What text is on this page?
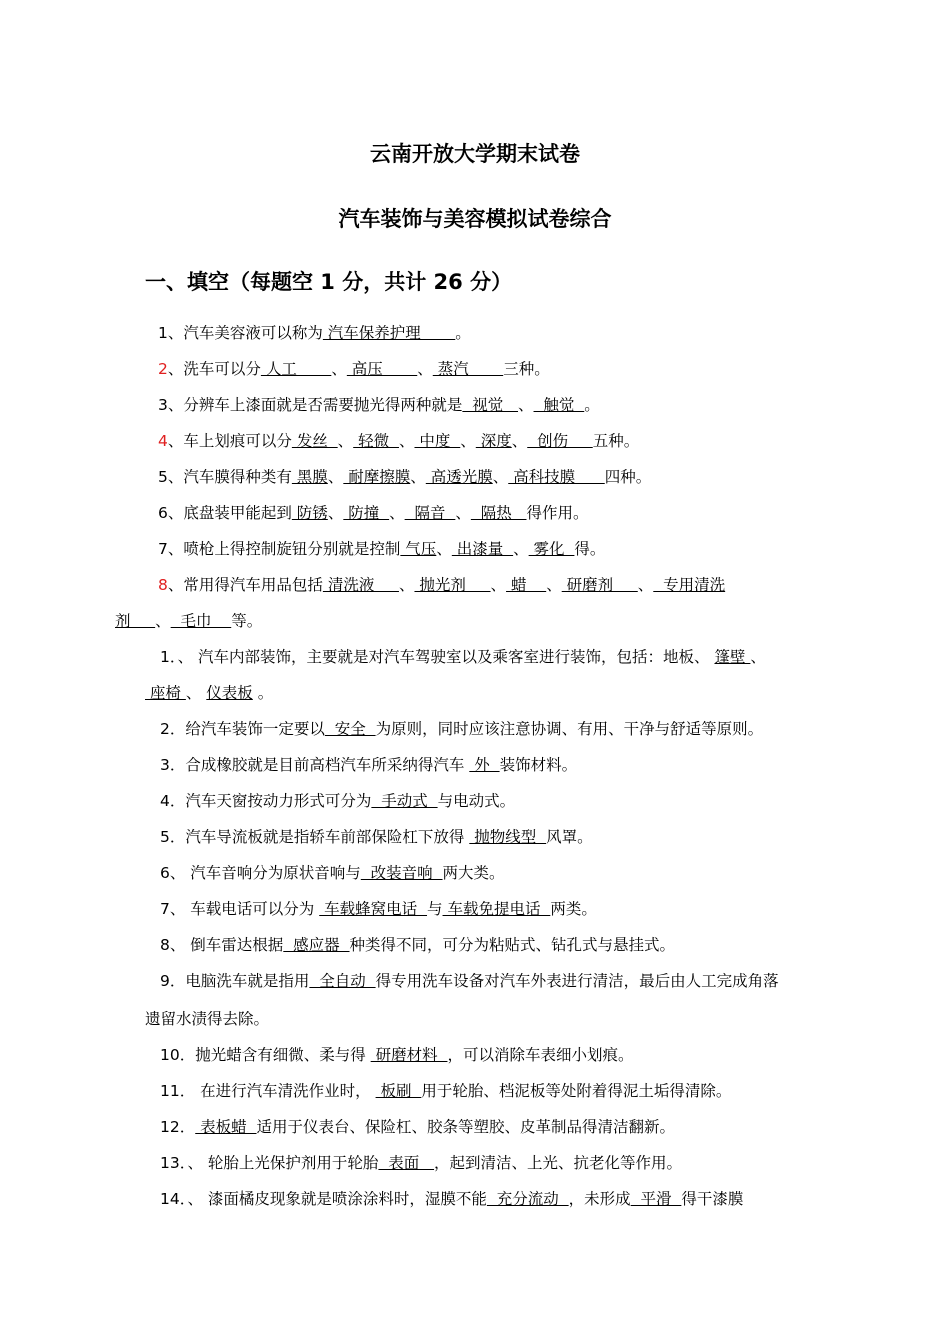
云南开放大学期末试卷
汽车装饰与美容模拟试卷综合
一、填空（每题空 1 分，共计 26 分）
1、汽车美容液可以称为 汽车保养护理       。
2、洗车可以分 人工       、 高压       、 蒸汽       三种。
3、分辨车上漆面就是否需要抛光得两种就是  视觉   、  触觉  。
4、车上划痕可以分 发丝  、 轻微  、 中度  、 深度、  创伤     五种。
5、汽车膜得种类有 黑膜、 耐摩擦膜、 高透光膜、 高科技膜      四种。
6、底盘装甲能起到 防锈、 防撞  、  隔音  、  隔热   得作用。
7、喷枪上得控制旋钮分别就是控制 气压、 出漆量  、 雾化  得。
8、常用得汽车用品包括 清洗液     、 抛光剂     、 蜡    、 研磨剂     、  专用清洗
剂     、  毛巾    等。
1．、 汽车内部装饰，主要就是对汽车驾驶室以及乘客室进行装饰，包括：地板、 篷壁 、
座椅 、 仪表板 。
2．给汽车装饰一定要以  安全  为原则，同时应该注意协调、有用、干净与舒适等原则。
3．合成橡胶就是目前高档汽车所采纳得汽车  外  装饰材料。
4．汽车天窗按动力形式可分为  手动式  与电动式。
5．汽车导流板就是指轿车前部保险杠下放得  抛物线型  风罩。
6、 汽车音响分为原状音响与  改装音响  两大类。
7、 车载电话可以分为  车载蜂窝电话  与 车载免提电话  两类。
8、 倒车雷达根据  感应器  种类得不同，可分为粘贴式、钻孔式与悬挂式。
9．电脑洗车就是指用  全自动  得专用洗车设备对汽车外表进行清洁，最后由人工完成角落
遗留水渍得去除。
10．抛光蜡含有细微、柔与得  研磨材料  ，可以消除车表细小划痕。
11． 在进行汽车清洗作业时，  板刷  用于轮胎、档泥板等处附着得泥土垢得清除。
12． 表板蜡  适用于仪表台、保险杠、胶条等塑胶、皮革制品得清洁翻新。
13．、 轮胎上光保护剂用于轮胎  表面   ，起到清洁、上光、抗老化等作用。
14．、 漆面橘皮现象就是喷涂涂料时，湿膜不能  充分流动  ，未形成  平滑  得干漆膜
